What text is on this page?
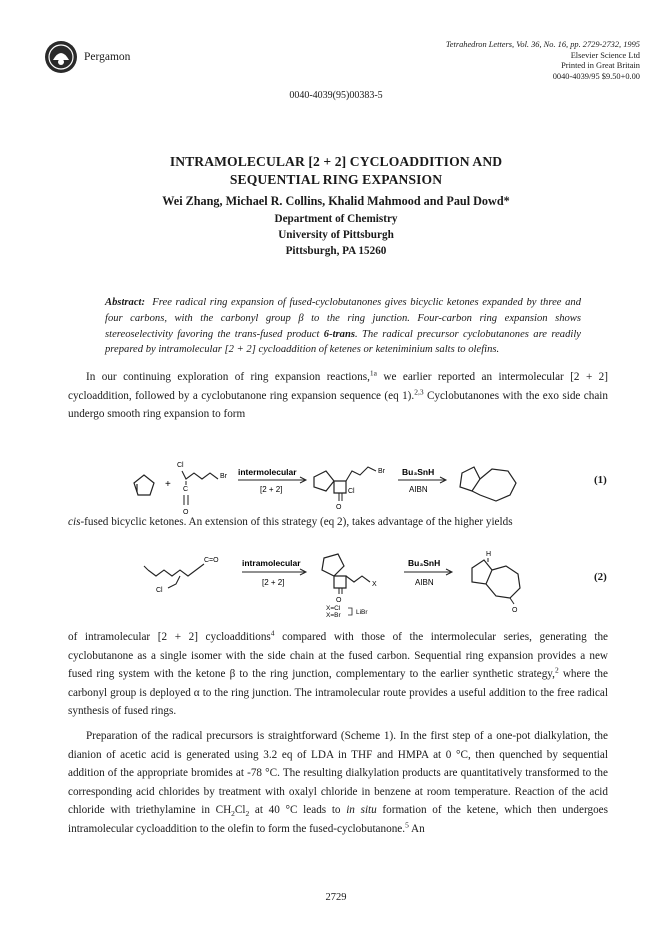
Pergamon
Tetrahedron Letters, Vol. 36, No. 16, pp. 2729-2732, 1995
Elsevier Science Ltd
Printed in Great Britain
0040-4039/95 $9.50+0.00
0040-4039(95)00383-5
INTRAMOLECULAR [2 + 2] CYCLOADDITION AND
SEQUENTIAL RING EXPANSION
Wei Zhang, Michael R. Collins, Khalid Mahmood and Paul Dowd*
Department of Chemistry
University of Pittsburgh
Pittsburgh, PA 15260
Abstract: Free radical ring expansion of fused-cyclobutanones gives bicyclic ketones expanded by three and four carbons, with the carbonyl group β to the ring junction. Four-carbon ring expansion shows stereoselectivity favoring the trans-fused product 6-trans. The radical precursor cyclobutanones are readily prepared by intramolecular [2 + 2] cycloaddition of ketenes or keteniminium salts to olefins.
In our continuing exploration of ring expansion reactions,$^{1a}$ we earlier reported an intermolecular [2 + 2] cycloaddition, followed by a cyclobutanone ring expansion sequence (eq 1).$^{2,3}$ Cyclobutanones with the exo side chain undergo smooth ring expansion to form
+
Cl
Br
C
O
intermolecular
[2 + 2]	Cl
Br
O
Bu₃SnH
AIBN
(1)
cis-fused bicyclic ketones. An extension of this strategy (eq 2), takes advantage of the higher yields
C=O
Cl
intramolecular
[2 + 2]	X
O
X=Cl
X=Br LiBr
Bu₃SnH
AIBN
H
O
(2)
of intramolecular [2 + 2] cycloadditions$^4$ compared with those of the intermolecular series, generating the cyclobutanone as a single isomer with the side chain at the fused carbon. Sequential ring expansion provides a new fused ring system with the ketone β to the ring junction, complementary to the earlier synthetic strategy,$^2$ where the carbonyl group is deployed α to the ring junction. The intramolecular route provides a useful addition to the free radical synthesis of fused rings.
Preparation of the radical precursors is straightforward (Scheme 1). In the first step of a one-pot dialkylation, the dianion of acetic acid is generated using 3.2 eq of LDA in THF and HMPA at 0 °C, then quenched by sequential addition of the appropriate bromides at -78 °C. The resulting dialkylation products are quantitatively transformed to the corresponding acid chlorides by treatment with oxalyl chloride in benzene at room temperature. Reaction of the acid chloride with triethylamine in $CH_2Cl_2$ at 40 °C leads to in situ formation of the ketene, which then undergoes intramolecular cycloaddition to the olefin to form the fused-cyclobutanone.$^5$ An
2729
